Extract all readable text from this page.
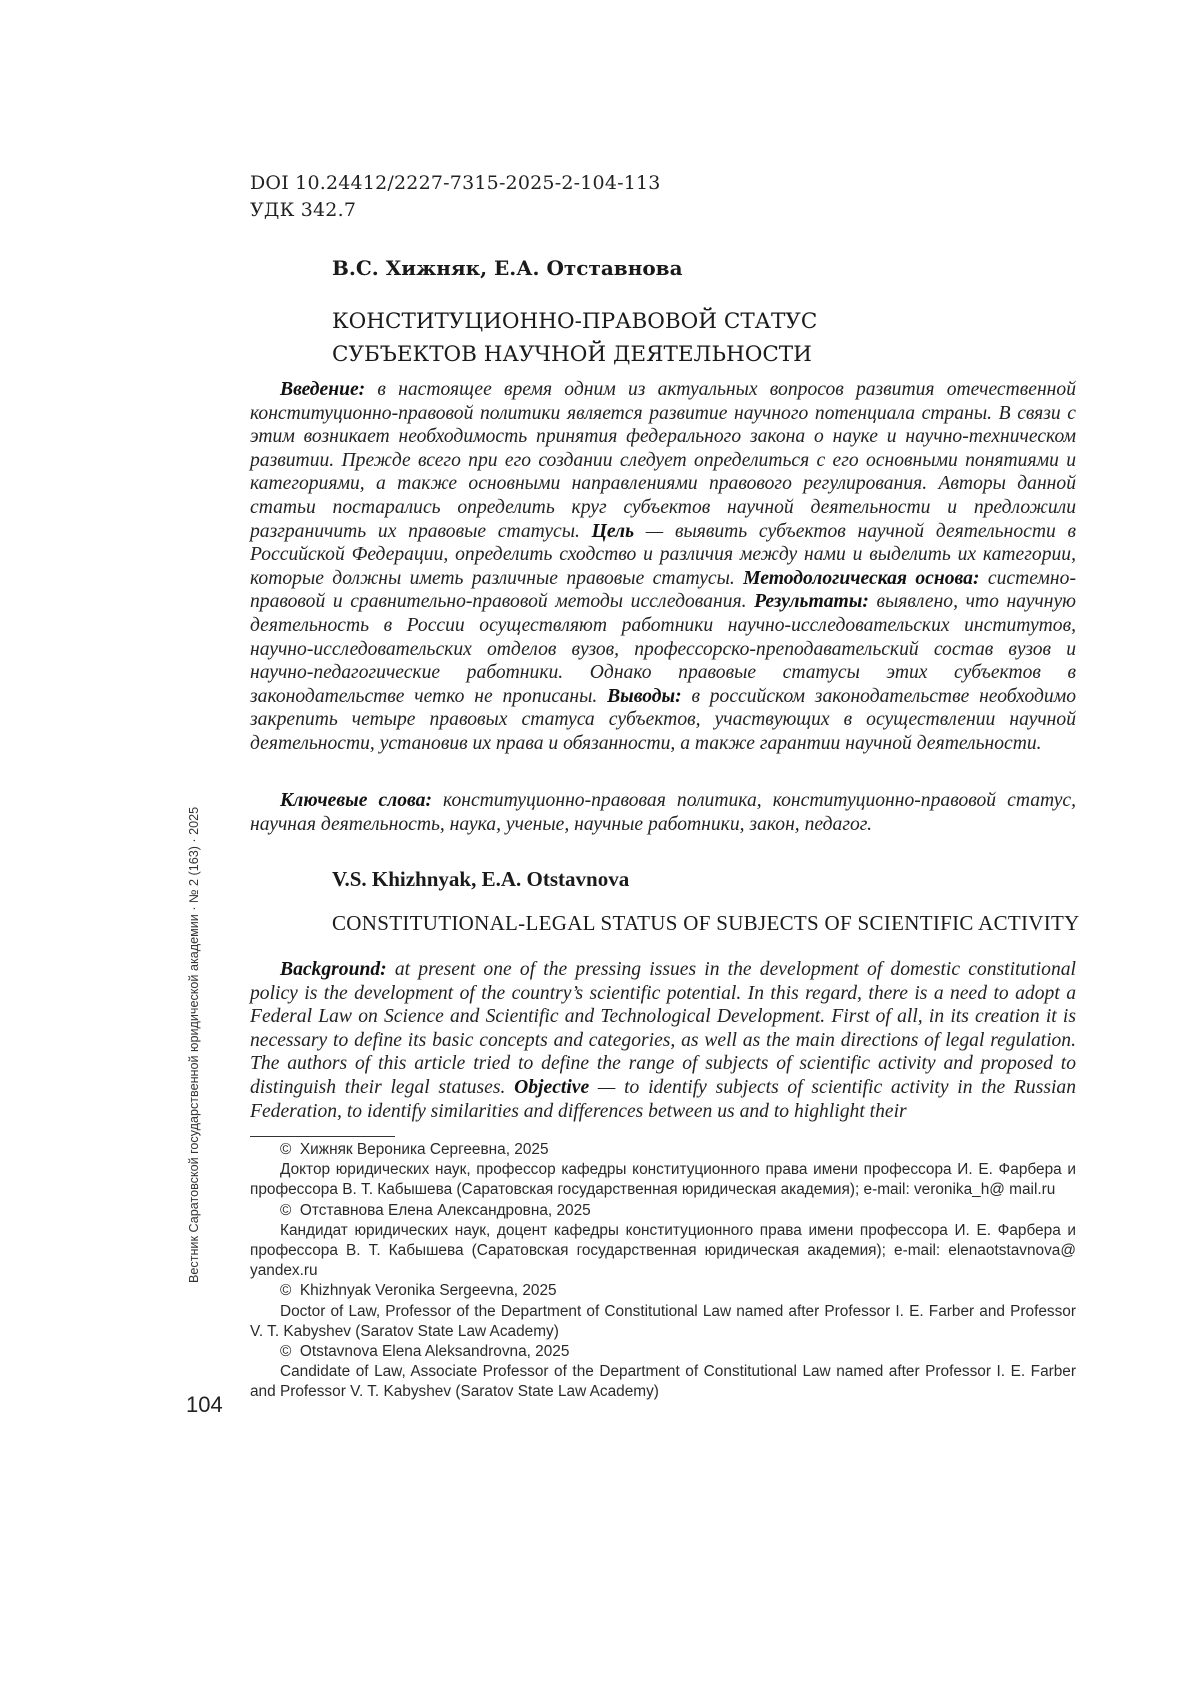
DOI 10.24412/2227-7315-2025-2-104-113
УДК 342.7
В.С. Хижняк, Е.А. Отставнова
КОНСТИТУЦИОННО-ПРАВОВОЙ СТАТУС
СУБЪЕКТОВ НАУЧНОЙ ДЕЯТЕЛЬНОСТИ

Введение: в настоящее время одним из актуальных вопросов развития отечественной конституционно-правовой политики является развитие научного потенциала страны. В связи с этим возникает необходимость принятия федерального закона о науке и научно-техническом развитии. Прежде всего при его создании следует определиться с его основными понятиями и категориями, а также основными направлениями правового регулирования. Авторы данной статьи постарались определить круг субъектов научной деятельности и предложили разграничить их правовые статусы. Цель — выявить субъектов научной деятельности в Российской Федерации, определить сходство и различия между нами и выделить их категории, которые должны иметь различные правовые статусы. Методологическая основа: системно-правовой и сравнительно-правовой методы исследования. Результаты: выявлено, что научную деятельность в России осуществляют работники научно-исследовательских институтов, научно-исследовательских отделов вузов, профессорско-преподавательский состав вузов и научно-педагогические работники. Однако правовые статусы этих субъектов в законодательстве четко не прописаны. Выводы: в российском законодательстве необходимо закрепить четыре правовых статуса субъектов, участвующих в осуществлении научной деятельности, установив их права и обязанности, а также гарантии научной деятельности.

Ключевые слова: конституционно-правовая политика, конституционно-правовой статус, научная деятельность, наука, ученые, научные работники, закон, педагог.

V.S. Khizhnyak, E.A. Otstavnova
CONSTITUTIONAL-LEGAL STATUS OF SUBJECTS OF SCIENTIFIC ACTIVITY

Background: at present one of the pressing issues in the development of domestic constitutional policy is the development of the country’s scientific potential. In this regard, there is a need to adopt a Federal Law on Science and Scientific and Technological Development. First of all, in its creation it is necessary to define its basic concepts and categories, as well as the main directions of legal regulation. The authors of this article tried to define the range of subjects of scientific activity and proposed to distinguish their legal statuses. Objective — to identify subjects of scientific activity in the Russian Federation, to identify similarities and differences between us and to highlight their

©  Хижняк Вероника Сергеевна, 2025

Доктор юридических наук, профессор кафедры конституционного права имени профессора И. Е. Фарбера и профессора В. Т. Кабышева (Саратовская государственная юридическая академия); e-mail: veronika_h@ mail.ru

©  Отставнова Елена Александровна, 2025

Кандидат юридических наук, доцент кафедры конституционного права имени профессора И. Е. Фарбера и профессора В. Т. Кабышева (Саратовская государственная юридическая академия); e-mail: elenaotstavnova@ yandex.ru

©  Khizhnyak Veronika Sergeevna, 2025

Doctor of Law, Professor of the Department of Constitutional Law named after Professor I. E. Farber and Professor V. T. Kabyshev (Saratov State Law Academy)

©  Otstavnova Elena Aleksandrovna, 2025

Candidate of Law, Associate Professor of the Department of Constitutional Law named after Professor I. E. Farber and Professor V. T. Kabyshev (Saratov State Law Academy)

Вестник Саратовской государственной юридической академии · № 2 (163) · 2025
104
